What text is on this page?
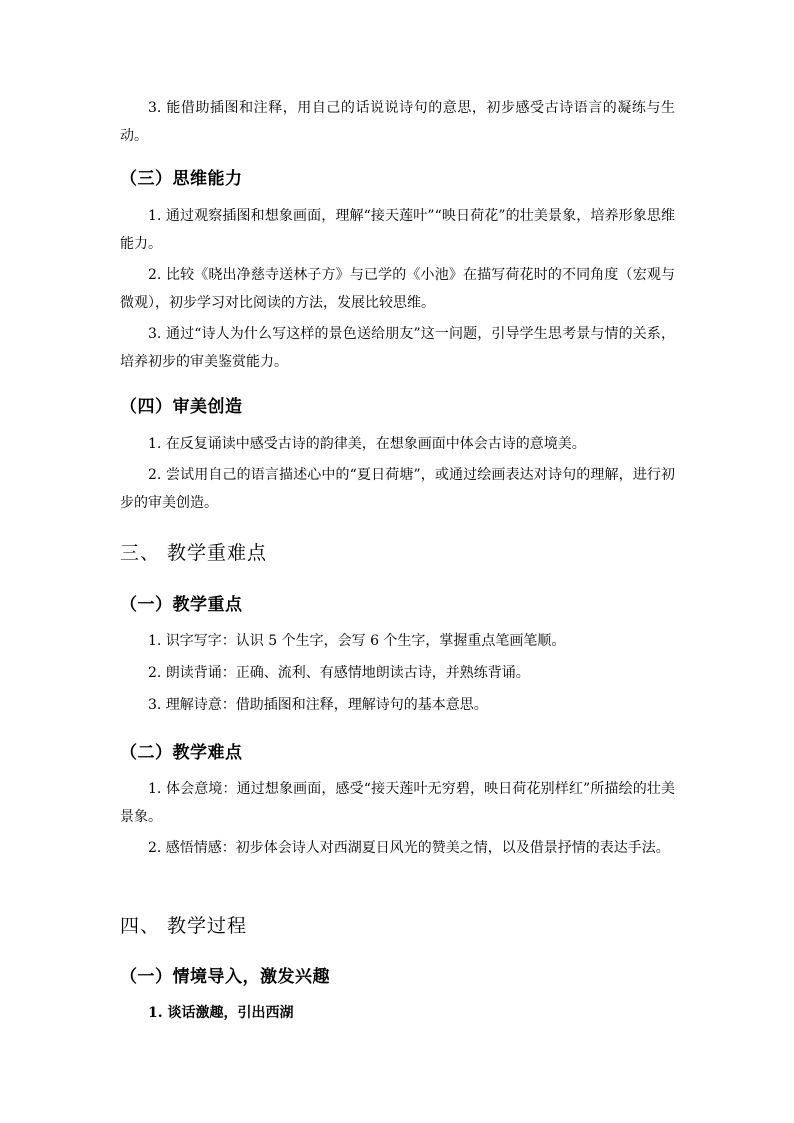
3. 能借助插图和注释，用自己的话说说诗句的意思，初步感受古诗语言的凝练与生动。

（三）思维能力

1. 通过观察插图和想象画面，理解“接天莲叶”“映日荷花”的壮美景象，培养形象思维能力。

2. 比较《晓出净慈寺送林子方》与已学的《小池》在描写荷花时的不同角度（宏观与微观），初步学习对比阅读的方法，发展比较思维。

3. 通过“诗人为什么写这样的景色送给朋友”这一问题，引导学生思考景与情的关系，培养初步的审美鉴赏能力。

（四）审美创造

1. 在反复诵读中感受古诗的韵律美，在想象画面中体会古诗的意境美。

2. 尝试用自己的语言描述心中的“夏日荷塘”，或通过绘画表达对诗句的理解，进行初步的审美创造。

三、 教学重难点
（一）教学重点

1. 识字写字：认识 5 个生字，会写 6 个生字，掌握重点笔画笔顺。

2. 朗读背诵：正确、流利、有感情地朗读古诗，并熟练背诵。

3. 理解诗意：借助插图和注释，理解诗句的基本意思。

（二）教学难点

1. 体会意境：通过想象画面，感受“接天莲叶无穷碧，映日荷花别样红”所描绘的壮美景象。

2. 感悟情感：初步体会诗人对西湖夏日风光的赞美之情，以及借景抒情的表达手法。

四、 教学过程
（一）情境导入，激发兴趣

1. 谈话激趣，引出西湖
